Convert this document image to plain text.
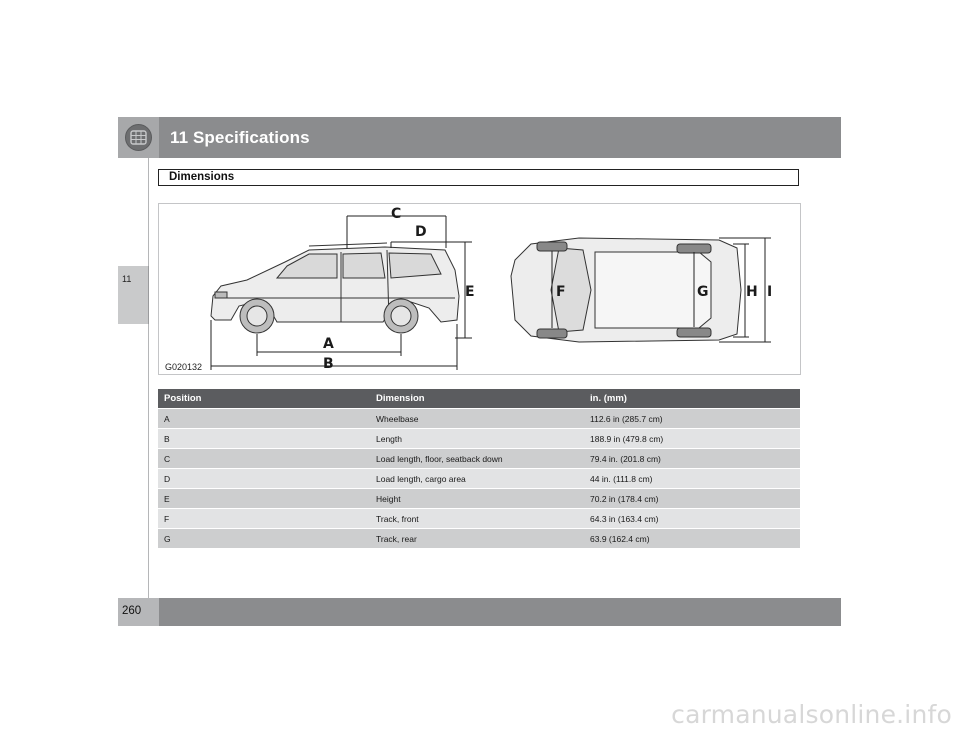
11 Specifications
11
Dimensions
C
D
E
A
B
F	G	H I
G020132
Position	Dimension	in. (mm)
A	Wheelbase	112.6 in (285.7 cm)
B	Length	188.9 in (479.8 cm)
C	Load length, floor, seatback down	79.4 in. (201.8 cm)
D	Load length, cargo area	44 in. (111.8 cm)
E	Height	70.2 in (178.4 cm)
F	Track, front	64.3 in (163.4 cm)
G	Track, rear	63.9 (162.4 cm)
260
carmanualsonline.info
